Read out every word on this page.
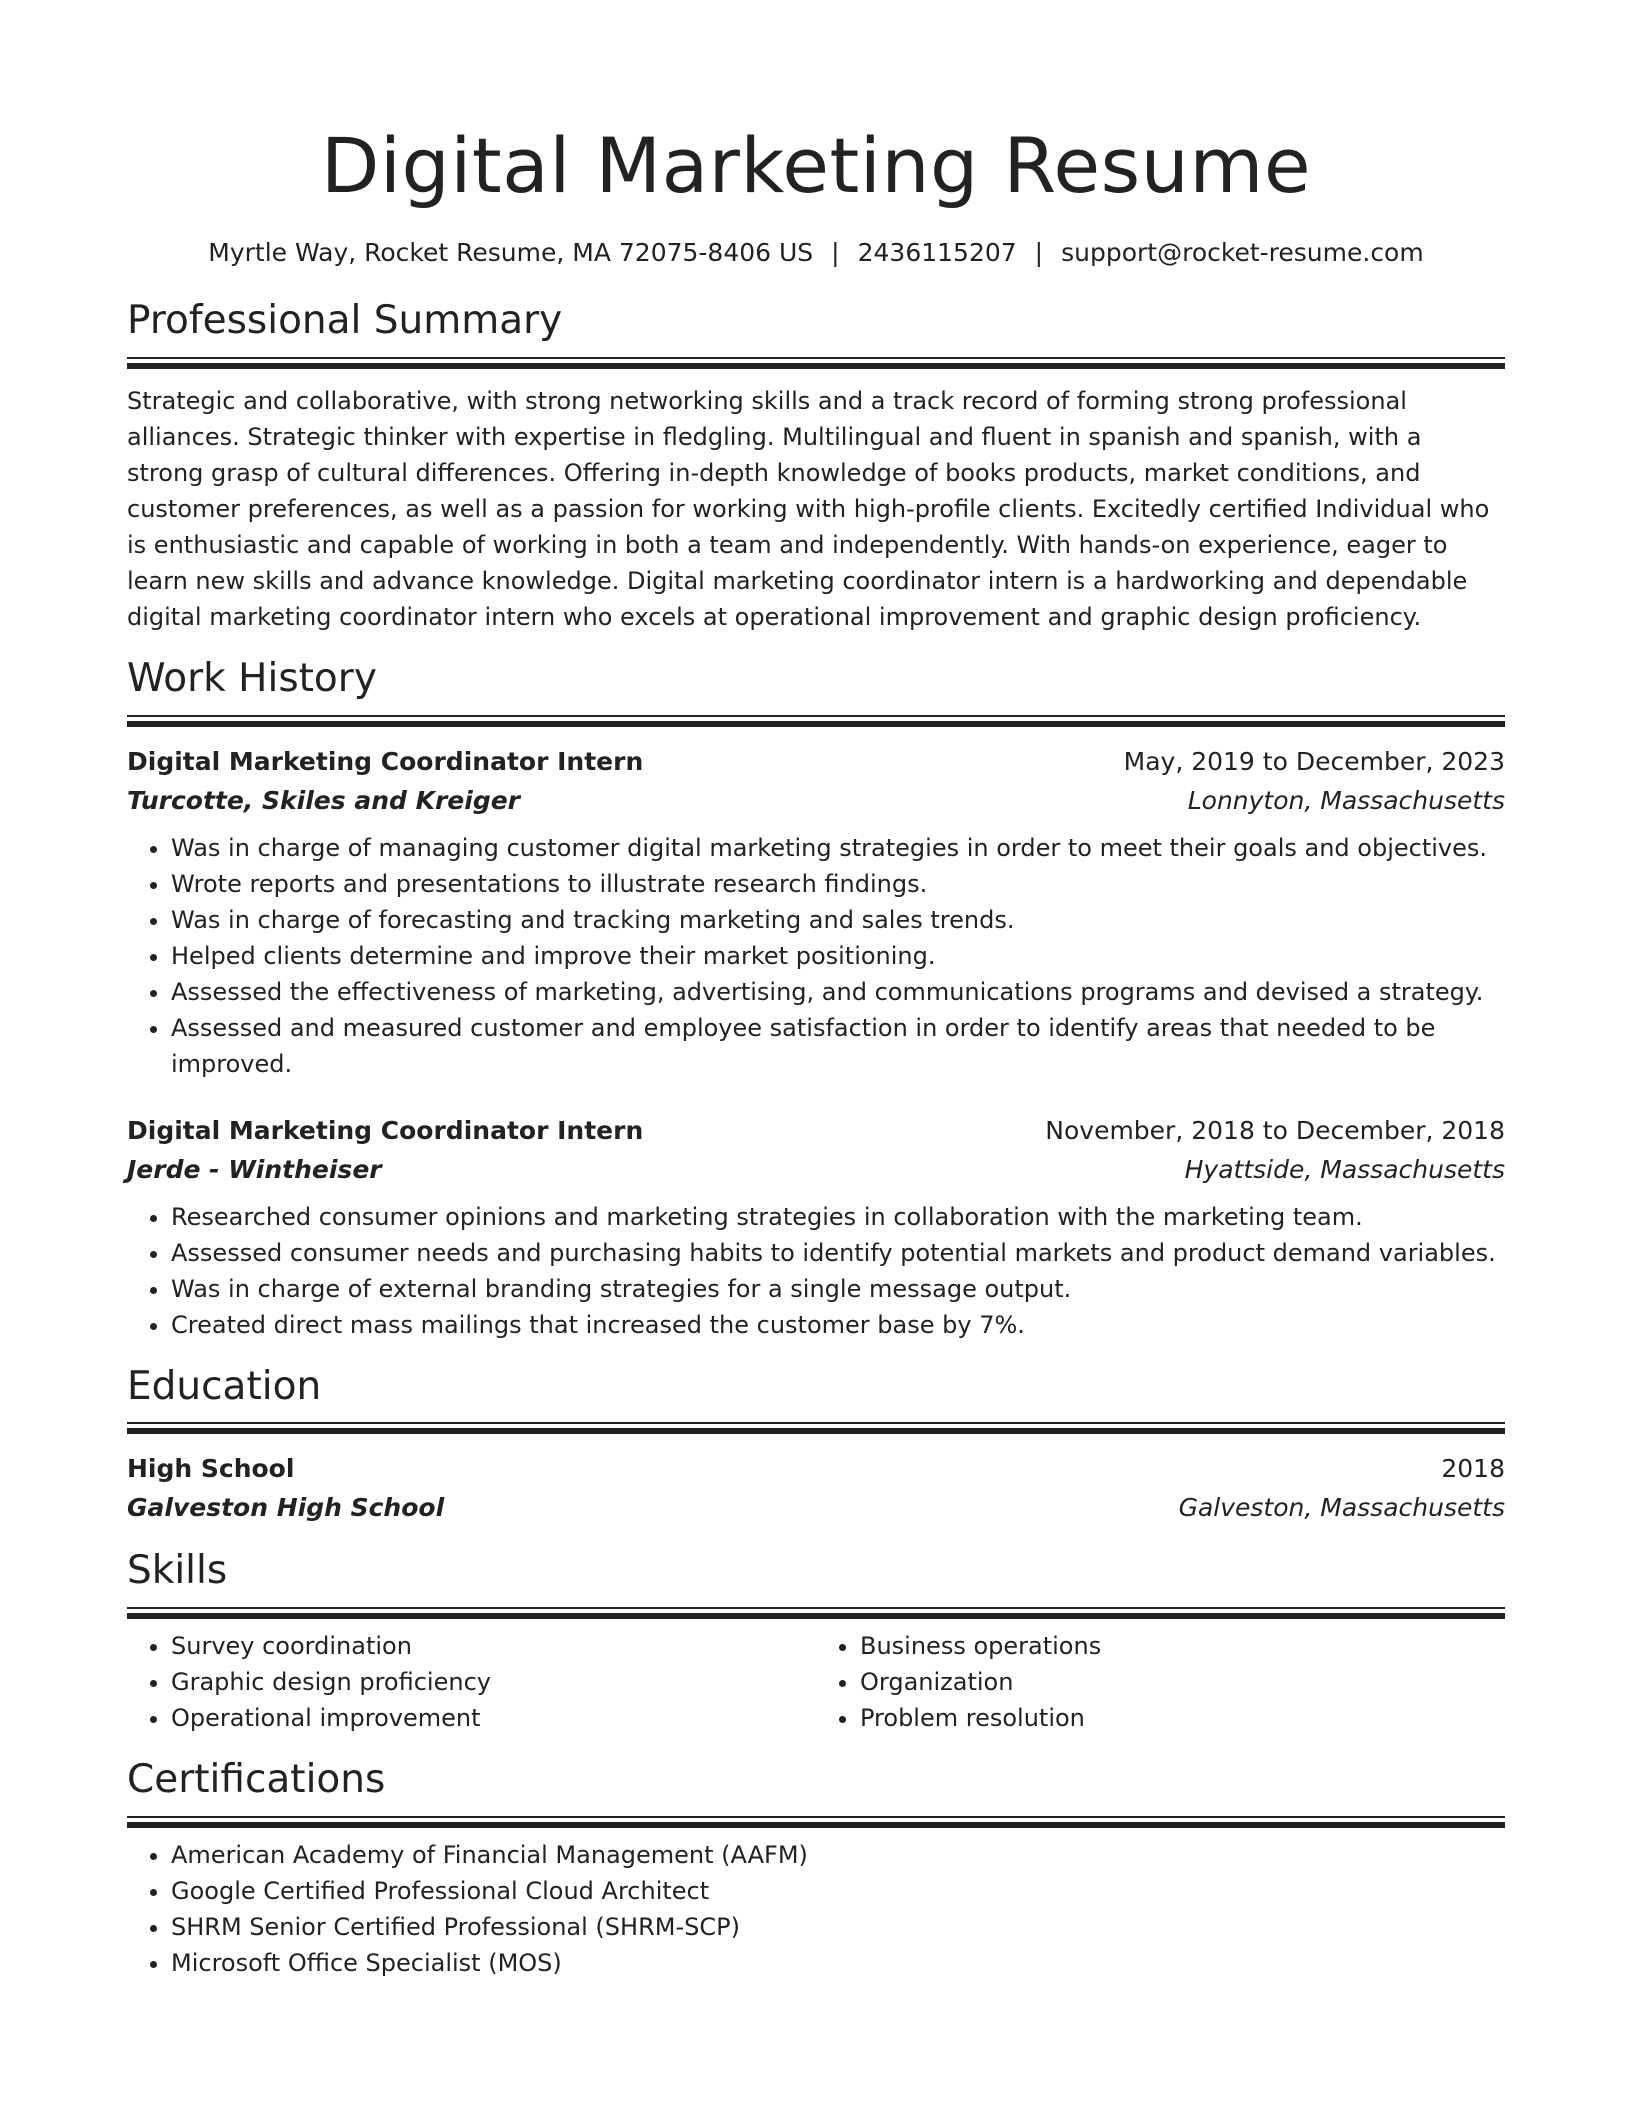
Digital Marketing Resume
Myrtle Way, Rocket Resume, MA 72075-8406 US | 2436115207 | support@rocket-resume.com
Professional Summary
Strategic and collaborative, with strong networking skills and a track record of forming strong professional alliances. Strategic thinker with expertise in fledgling. Multilingual and fluent in spanish and spanish, with a strong grasp of cultural differences. Offering in-depth knowledge of books products, market conditions, and customer preferences, as well as a passion for working with high-profile clients. Excitedly certified Individual who is enthusiastic and capable of working in both a team and independently. With hands-on experience, eager to learn new skills and advance knowledge. Digital marketing coordinator intern is a hardworking and dependable digital marketing coordinator intern who excels at operational improvement and graphic design proficiency.
Work History
Digital Marketing Coordinator Intern	May, 2019 to December, 2023
Turcotte, Skiles and Kreiger	Lonnyton, Massachusetts
• Was in charge of managing customer digital marketing strategies in order to meet their goals and objectives.
• Wrote reports and presentations to illustrate research findings.
• Was in charge of forecasting and tracking marketing and sales trends.
• Helped clients determine and improve their market positioning.
• Assessed the effectiveness of marketing, advertising, and communications programs and devised a strategy.
• Assessed and measured customer and employee satisfaction in order to identify areas that needed to be improved.
Digital Marketing Coordinator Intern	November, 2018 to December, 2018
Jerde - Wintheiser	Hyattside, Massachusetts
• Researched consumer opinions and marketing strategies in collaboration with the marketing team.
• Assessed consumer needs and purchasing habits to identify potential markets and product demand variables.
• Was in charge of external branding strategies for a single message output.
• Created direct mass mailings that increased the customer base by 7%.
Education
High School	2018
Galveston High School	Galveston, Massachusetts
Skills
• Survey coordination
• Graphic design proficiency
• Operational improvement
• Business operations
• Organization
• Problem resolution
Certifications
• American Academy of Financial Management (AAFM)
• Google Certified Professional Cloud Architect
• SHRM Senior Certified Professional (SHRM-SCP)
• Microsoft Office Specialist (MOS)
